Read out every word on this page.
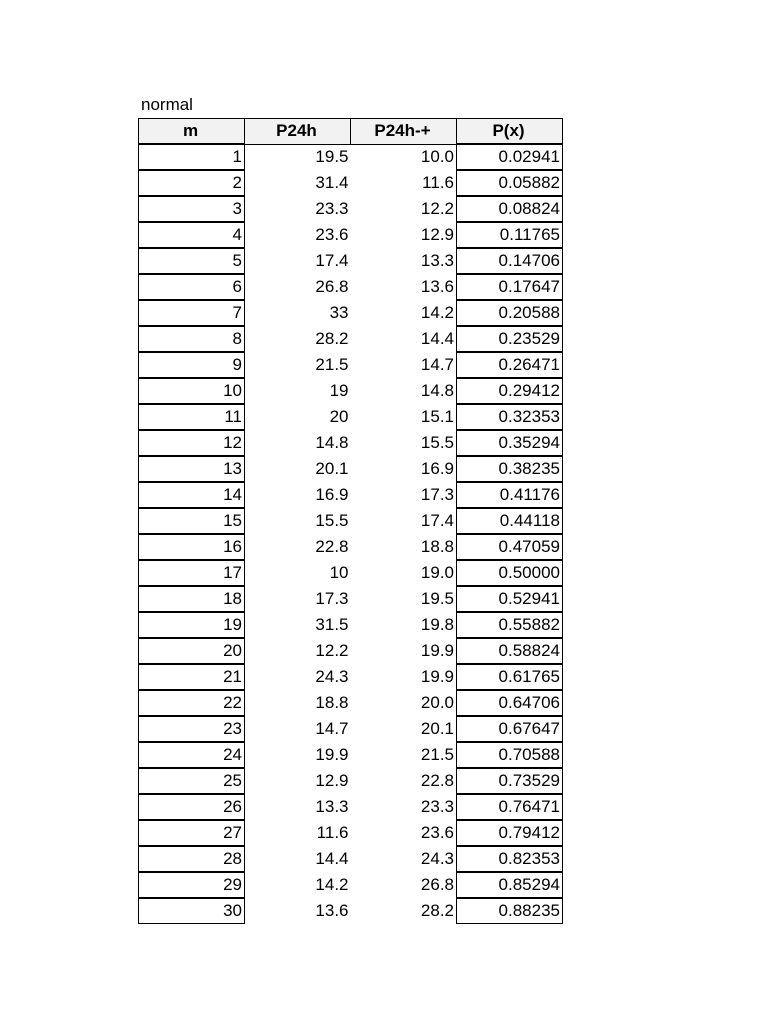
normal
m	P24h	P24h-+	P(x)
1	19.5	10.0	0.02941
2	31.4	11.6	0.05882
3	23.3	12.2	0.08824
4	23.6	12.9	0.11765
5	17.4	13.3	0.14706
6	26.8	13.6	0.17647
7	33	14.2	0.20588
8	28.2	14.4	0.23529
9	21.5	14.7	0.26471
10	19	14.8	0.29412
11	20	15.1	0.32353
12	14.8	15.5	0.35294
13	20.1	16.9	0.38235
14	16.9	17.3	0.41176
15	15.5	17.4	0.44118
16	22.8	18.8	0.47059
17	10	19.0	0.50000
18	17.3	19.5	0.52941
19	31.5	19.8	0.55882
20	12.2	19.9	0.58824
21	24.3	19.9	0.61765
22	18.8	20.0	0.64706
23	14.7	20.1	0.67647
24	19.9	21.5	0.70588
25	12.9	22.8	0.73529
26	13.3	23.3	0.76471
27	11.6	23.6	0.79412
28	14.4	24.3	0.82353
29	14.2	26.8	0.85294
30	13.6	28.2	0.88235
